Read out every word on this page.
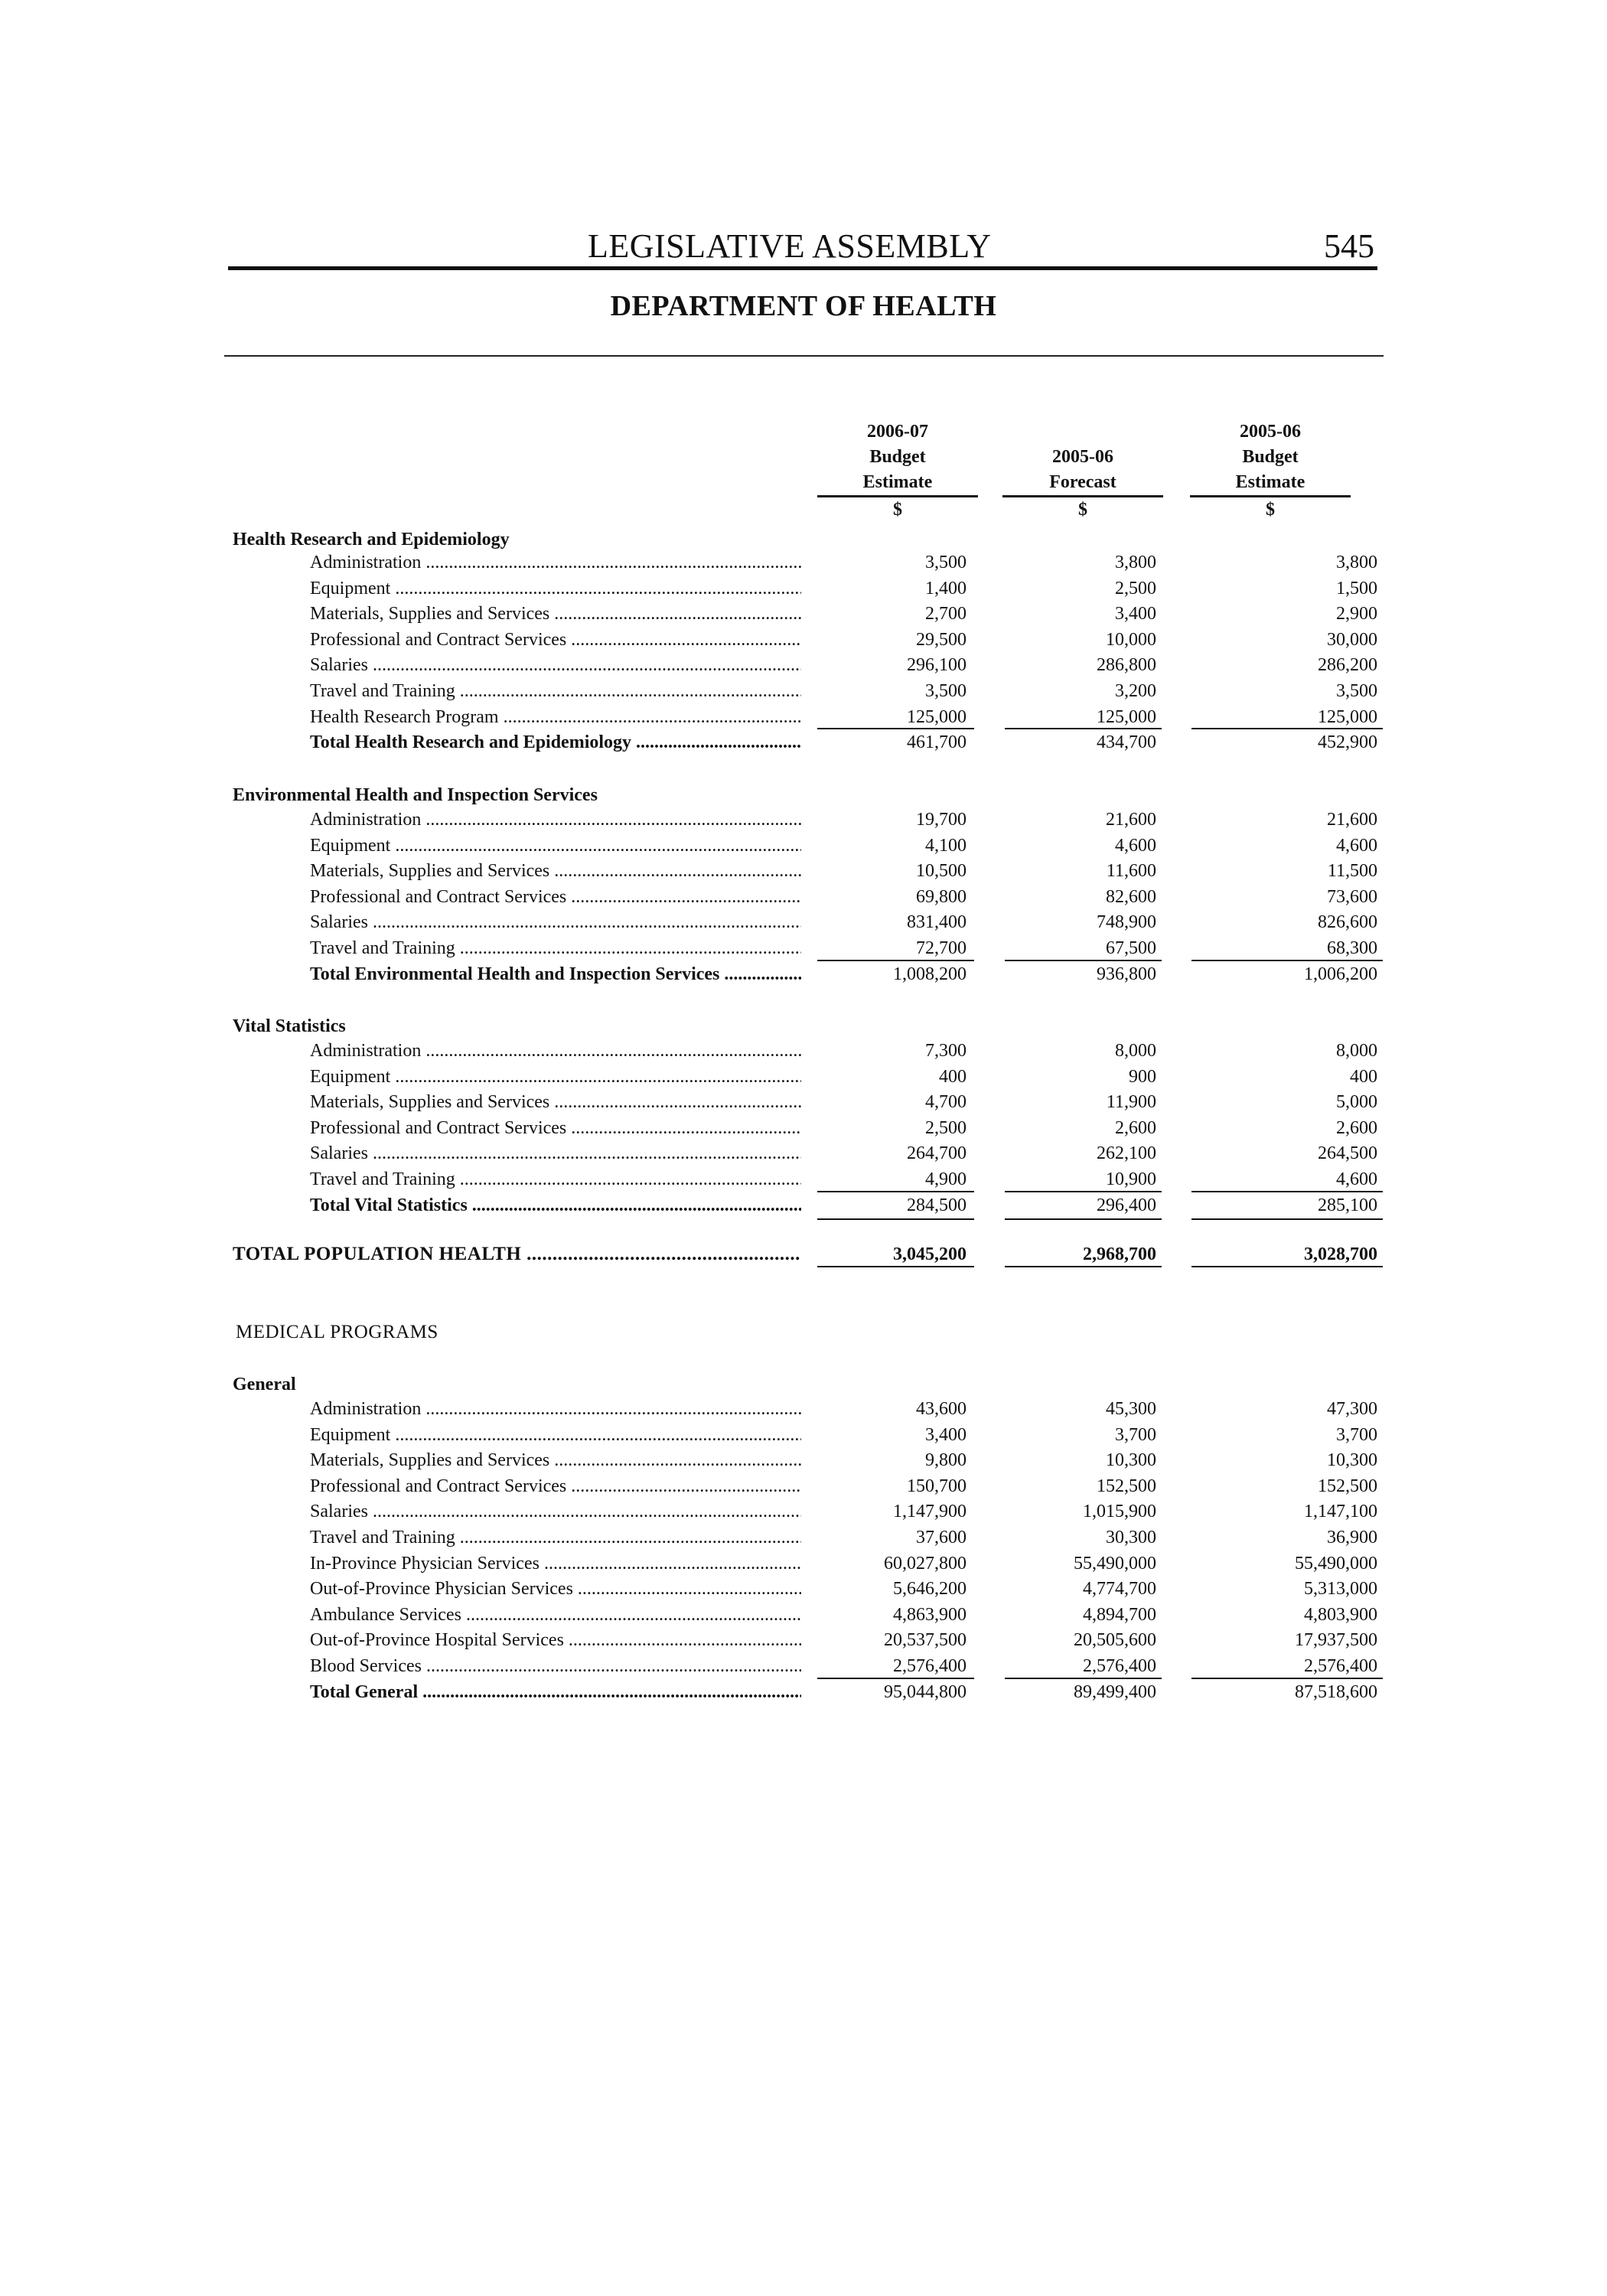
LEGISLATIVE ASSEMBLY	545
DEPARTMENT OF HEALTH
2006-07
Budget
Estimate
$
2005-06
Forecast
$
2005-06
Budget
Estimate
$
Health Research and Epidemiology
Administration .....	3,500	3,800	3,800
Equipment .....	1,400	2,500	1,500
Materials, Supplies and Services .....	2,700	3,400	2,900
Professional and Contract Services .....	29,500	10,000	30,000
Salaries .....	296,100	286,800	286,200
Travel and Training .....	3,500	3,200	3,500
Health Research Program .....	125,000	125,000	125,000
Total Health Research and Epidemiology .....	461,700	434,700	452,900
Environmental Health and Inspection Services
Administration .....	19,700	21,600	21,600
Equipment .....	4,100	4,600	4,600
Materials, Supplies and Services .....	10,500	11,600	11,500
Professional and Contract Services .....	69,800	82,600	73,600
Salaries .....	831,400	748,900	826,600
Travel and Training .....	72,700	67,500	68,300
Total Environmental Health and Inspection Services .....	1,008,200	936,800	1,006,200
Vital Statistics
Administration .....	7,300	8,000	8,000
Equipment .....	400	900	400
Materials, Supplies and Services .....	4,700	11,900	5,000
Professional and Contract Services .....	2,500	2,600	2,600
Salaries .....	264,700	262,100	264,500
Travel and Training .....	4,900	10,900	4,600
Total Vital Statistics .....	284,500	296,400	285,100
TOTAL POPULATION HEALTH .....	3,045,200	2,968,700	3,028,700
MEDICAL PROGRAMS
General
Administration .....	43,600	45,300	47,300
Equipment .....	3,400	3,700	3,700
Materials, Supplies and Services .....	9,800	10,300	10,300
Professional and Contract Services .....	150,700	152,500	152,500
Salaries .....	1,147,900	1,015,900	1,147,100
Travel and Training .....	37,600	30,300	36,900
In-Province Physician Services .....	60,027,800	55,490,000	55,490,000
Out-of-Province Physician Services .....	5,646,200	4,774,700	5,313,000
Ambulance Services .....	4,863,900	4,894,700	4,803,900
Out-of-Province Hospital Services .....	20,537,500	20,505,600	17,937,500
Blood Services .....	2,576,400	2,576,400	2,576,400
Total General .....	95,044,800	89,499,400	87,518,600
